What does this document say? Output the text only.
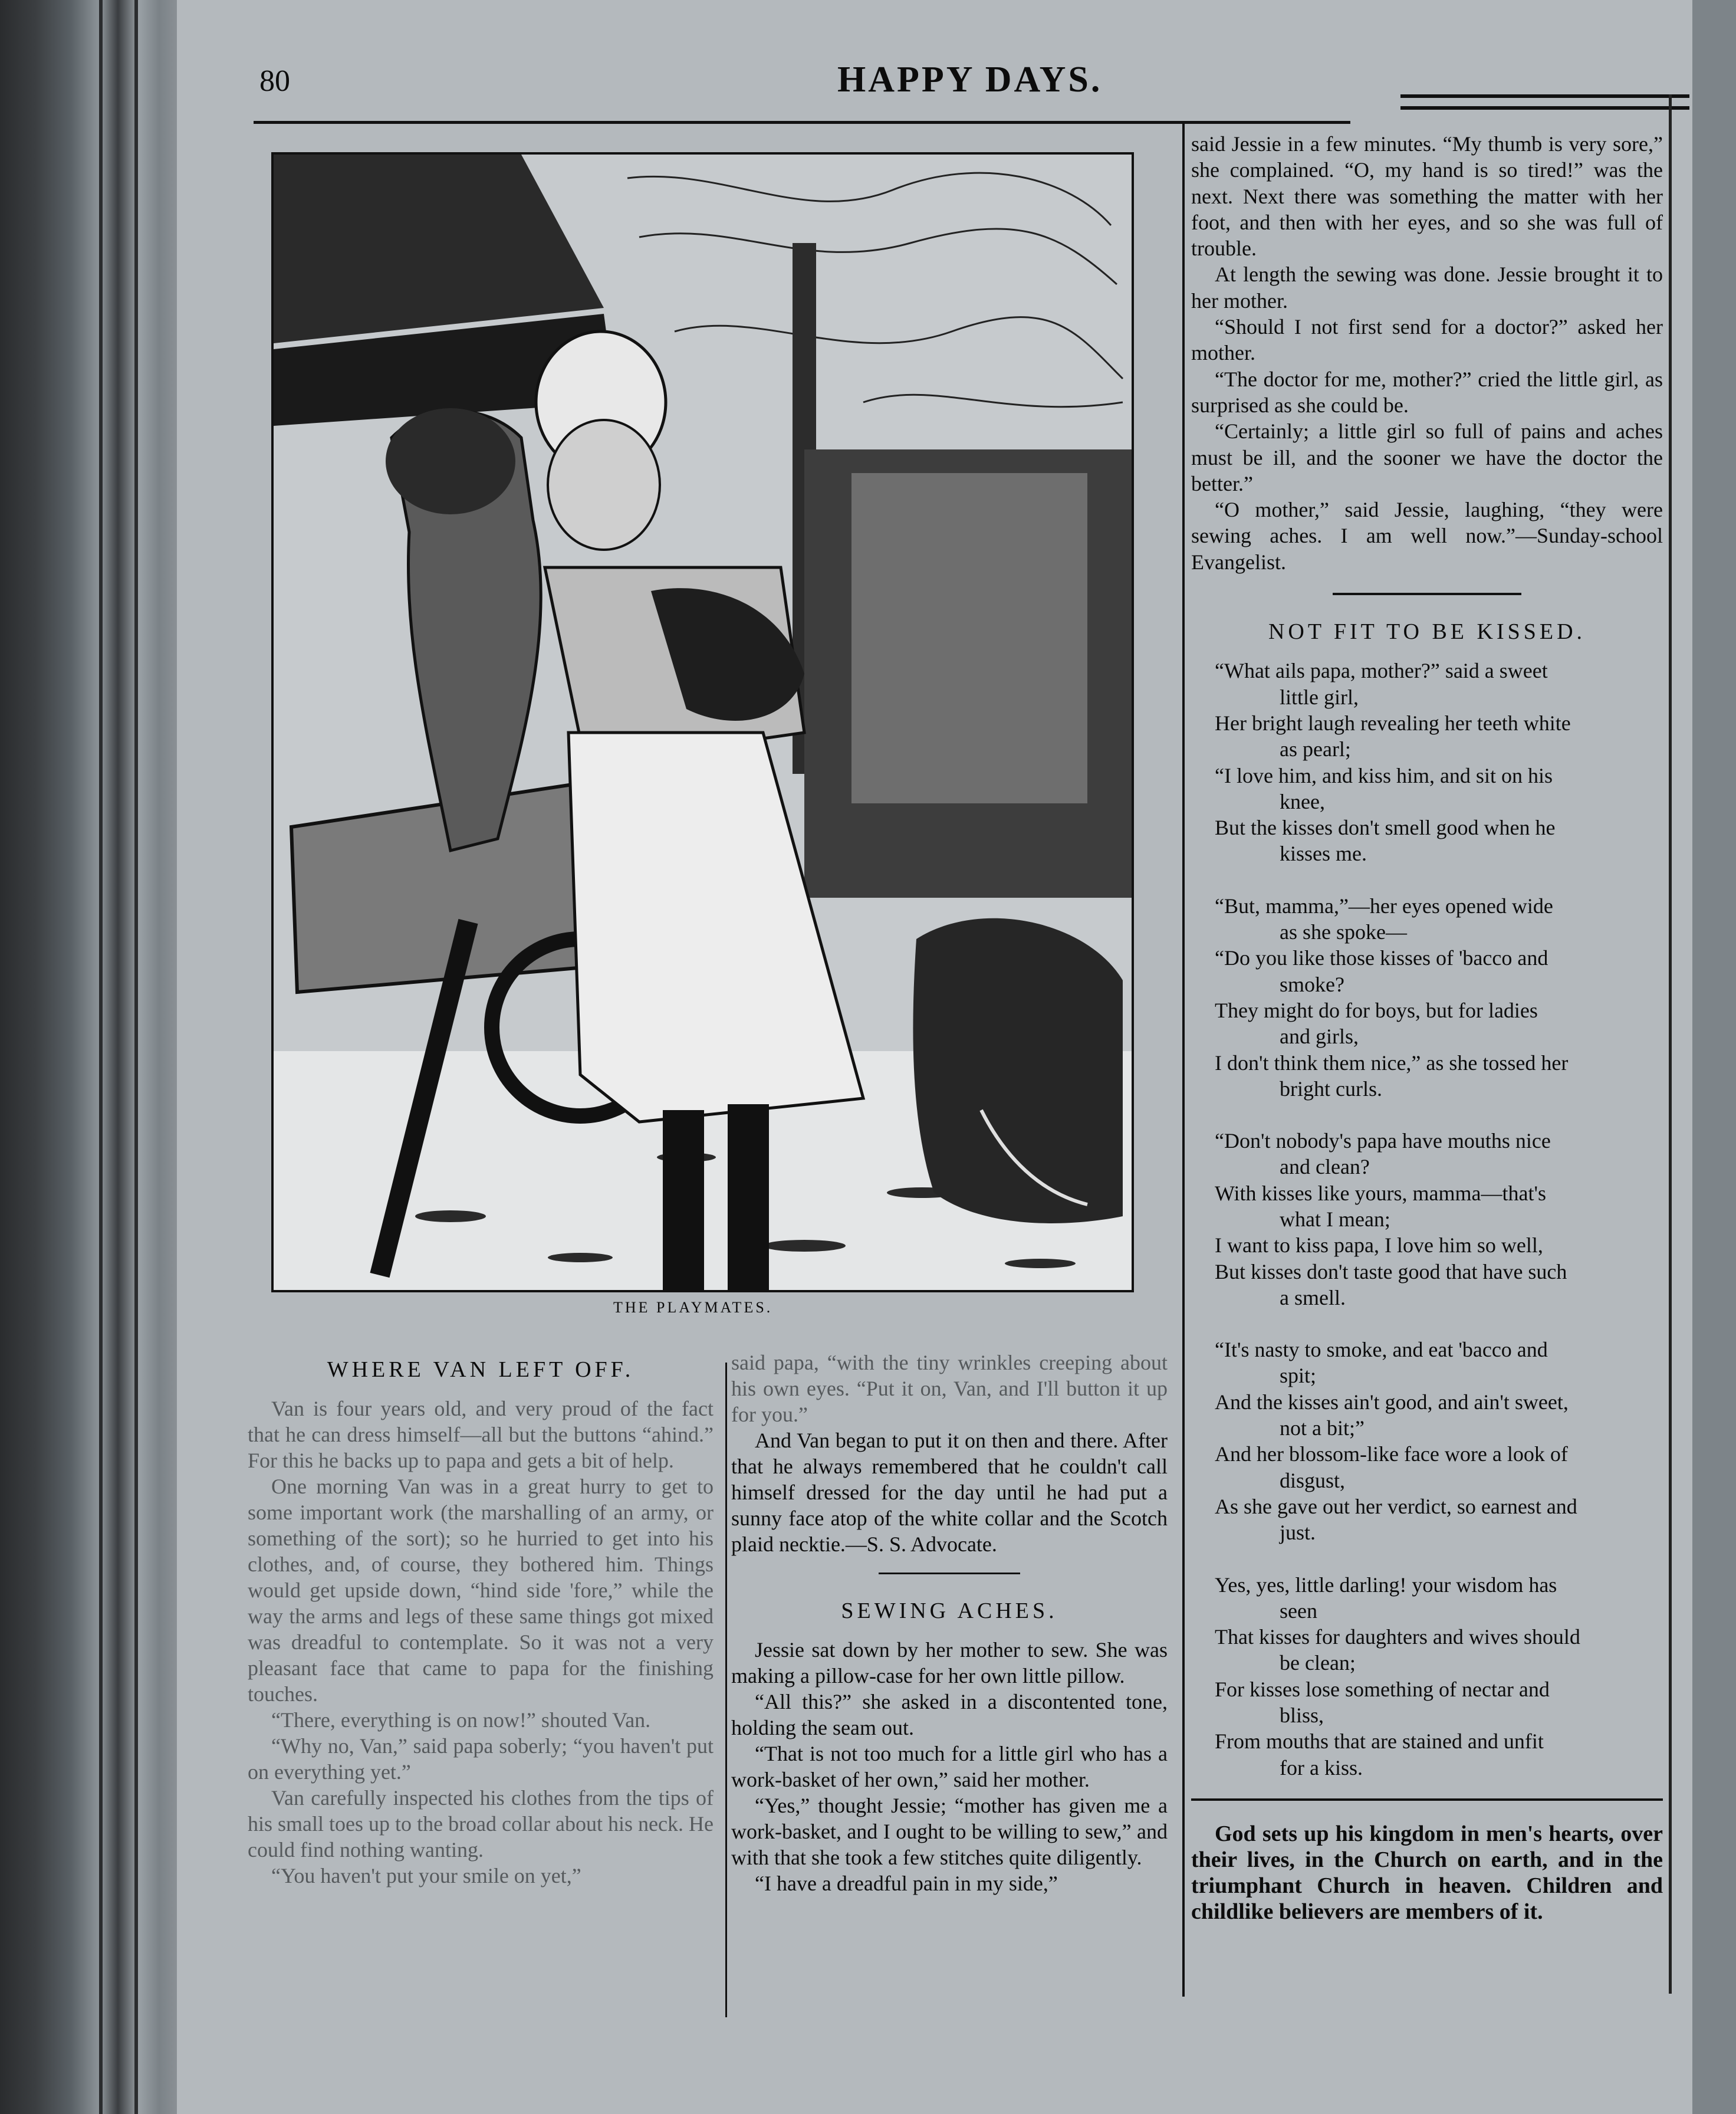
80	HAPPY DAYS.
THE PLAYMATES.
WHERE VAN LEFT OFF.

Van is four years old, and very proud of the fact that he can dress himself—all but the buttons “ahind.” For this he backs up to papa and gets a bit of help.

One morning Van was in a great hurry to get to some important work (the marshalling of an army, or something of the sort); so he hurried to get into his clothes, and, of course, they bothered him. Things would get upside down, “hind side 'fore,” while the way the arms and legs of these same things got mixed was dreadful to contemplate. So it was not a very pleasant face that came to papa for the finishing touches.

“There, everything is on now!” shouted Van.

“Why no, Van,” said papa soberly; “you haven't put on everything yet.”

Van carefully inspected his clothes from the tips of his small toes up to the broad collar about his neck. He could find nothing wanting.

“You haven't put your smile on yet,”

said papa, “with the tiny wrinkles creeping about his own eyes. “Put it on, Van, and I'll button it up for you.”

And Van began to put it on then and there. After that he always remembered that he couldn't call himself dressed for the day until he had put a sunny face atop of the white collar and the Scotch plaid necktie.—S. S. Advocate.

SEWING ACHES.

Jessie sat down by her mother to sew. She was making a pillow-case for her own little pillow.

“All this?” she asked in a discontented tone, holding the seam out.

“That is not too much for a little girl who has a work-basket of her own,” said her mother.

“Yes,” thought Jessie; “mother has given me a work-basket, and I ought to be willing to sew,” and with that she took a few stitches quite diligently.

“I have a dreadful pain in my side,”

said Jessie in a few minutes. “My thumb is very sore,” she complained. “O, my hand is so tired!” was the next. Next there was something the matter with her foot, and then with her eyes, and so she was full of trouble.

At length the sewing was done. Jessie brought it to her mother.

“Should I not first send for a doctor?” asked her mother.

“The doctor for me, mother?” cried the little girl, as surprised as she could be.

“Certainly; a little girl so full of pains and aches must be ill, and the sooner we have the doctor the better.”

“O mother,” said Jessie, laughing, “they were sewing aches. I am well now.”—Sunday-school Evangelist.

NOT FIT TO BE KISSED.

“What ails papa, mother?” said a sweet

little girl,

Her bright laugh revealing her teeth white

as pearl;

“I love him, and kiss him, and sit on his

knee,

But the kisses don't smell good when he

kisses me.

“But, mamma,”—her eyes opened wide

as she spoke—

“Do you like those kisses of 'bacco and

smoke?

They might do for boys, but for ladies

and girls,

I don't think them nice,” as she tossed her

bright curls.

“Don't nobody's papa have mouths nice

and clean?

With kisses like yours, mamma—that's

what I mean;

I want to kiss papa, I love him so well,

But kisses don't taste good that have such

a smell.

“It's nasty to smoke, and eat 'bacco and

spit;

And the kisses ain't good, and ain't sweet,

not a bit;”

And her blossom-like face wore a look of

disgust,

As she gave out her verdict, so earnest and

just.

Yes, yes, little darling! your wisdom has

seen

That kisses for daughters and wives should

be clean;

For kisses lose something of nectar and

bliss,

From mouths that are stained and unfit

for a kiss.

God sets up his kingdom in men's hearts, over their lives, in the Church on earth, and in the triumphant Church in heaven. Children and childlike believers are members of it.
